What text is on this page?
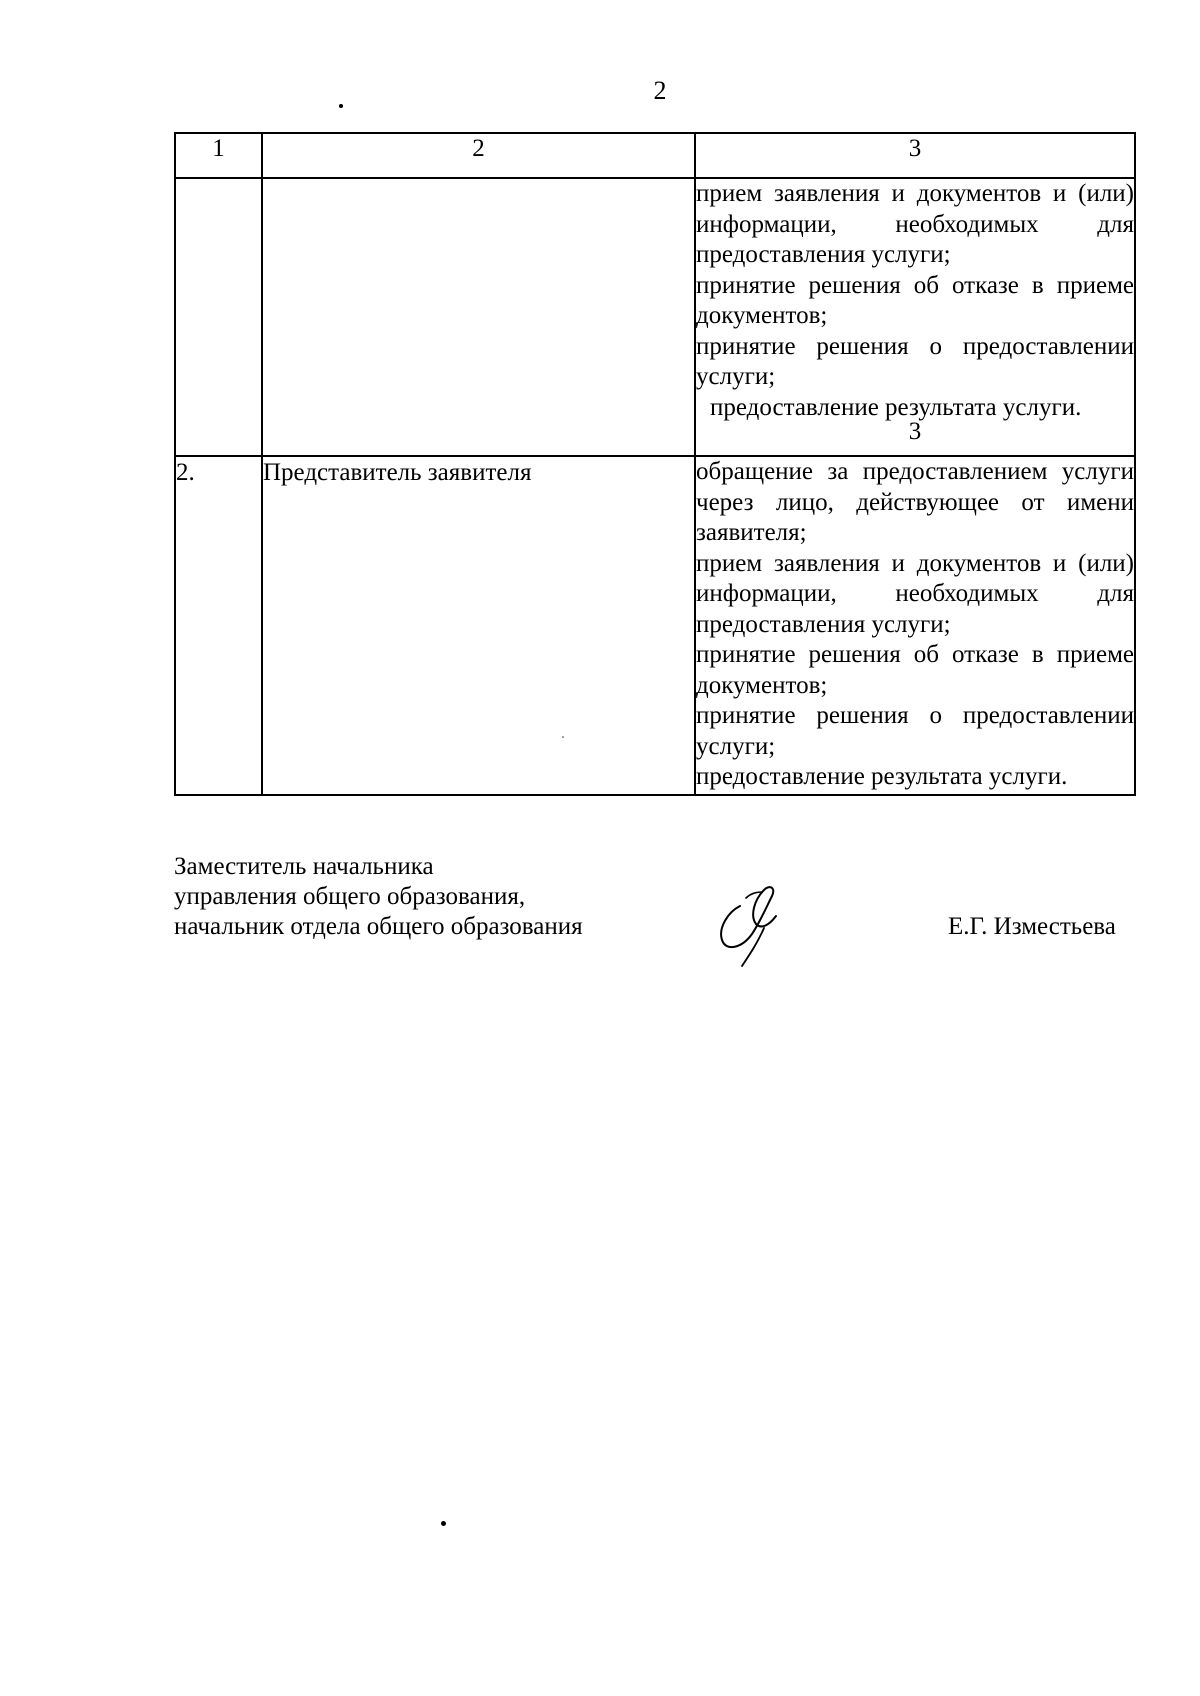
2
1	2	3

		прием заявления и документов и (или) информации, необходимых для предоставления услуги;
принятие решения об отказе в приеме документов;
принятие решения о предоставлении услуги;
предоставление результата услуги.
3

2.	Представитель заявителя	обращение за предоставлением услуги через лицо, действующее от имени заявителя;
прием заявления и документов и (или) информации, необходимых для предоставления услуги;
принятие решения об отказе в приеме документов;
принятие решения о предоставлении услуги;
предоставление результата услуги.
Заместитель начальника
управления общего образования,
начальник отдела общего образования	Е.Г. Изместьева
